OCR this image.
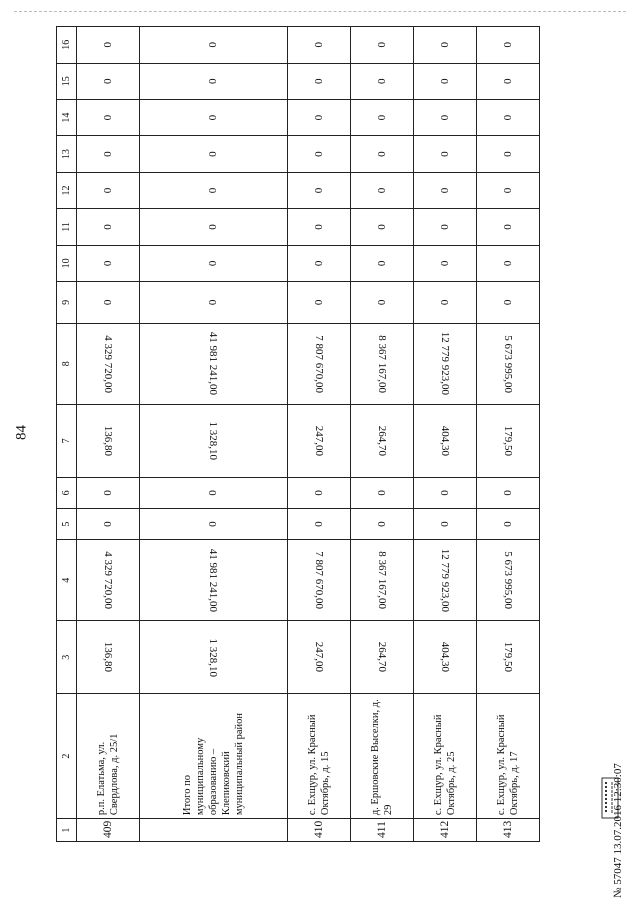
84
1	2	3	4	5	6	7	8	9	10	11	12	13	14	15	16
409	р.п. Елатьма, ул. Свердлова, д. 25/1	136,80	4 329 720,00	0	0	136,80	4 329 720,00	0	0	0	0	0	0	0	0
	Итого по муниципальному образованию – Клепиковский муниципальный район	1 328,10	41 981 241,00	0	0	1 328,10	41 981 241,00	0	0	0	0	0	0	0	0
410	с. Ехщур, ул. Красный Октябрь, д. 15	247,00	7 807 670,00	0	0	247,00	7 807 670,00	0	0	0	0	0	0	0	0
411	д. Ершовские Выселки, д. 29	264,70	8 367 167,00	0	0	264,70	8 367 167,00	0	0	0	0	0	0	0	0
412	с. Ехщур, ул. Красный Октябрь, д. 25	404,30	12 779 923,00	0	0	404,30	12 779 923,00	0	0	0	0	0	0	0	0
413	с. Ехщур, ул. Красный Октябрь, д. 17	179,50	5 673 995,00	0	0	179,50	5 673 995,00	0	0	0	0	0	0	0	0
№ 57047 13.07.2016 12:30:07
